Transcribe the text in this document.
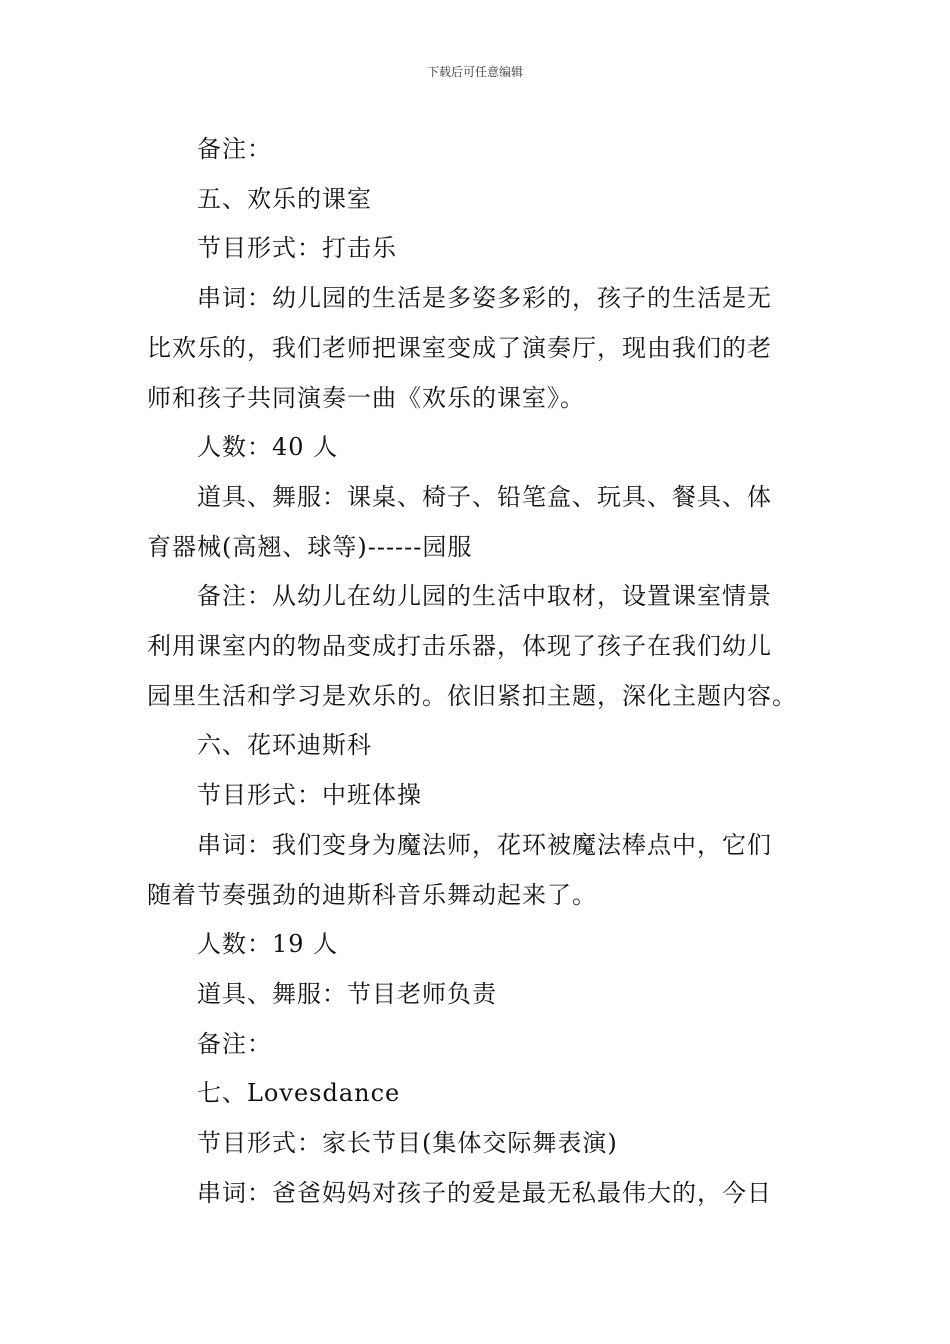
下载后可任意编辑

备注：

五、欢乐的课室

节目形式：打击乐

串词：幼儿园的生活是多姿多彩的，孩子的生活是无

比欢乐的，我们老师把课室变成了演奏厅，现由我们的老

师和孩子共同演奏一曲《欢乐的课室》。

人数：40 人

道具、舞服：课桌、椅子、铅笔盒、玩具、餐具、体

育器械(高翘、球等)------园服

备注：从幼儿在幼儿园的生活中取材，设置课室情景

利用课室内的物品变成打击乐器，体现了孩子在我们幼儿

园里生活和学习是欢乐的。依旧紧扣主题，深化主题内容。

六、花环迪斯科

节目形式：中班体操

串词：我们变身为魔法师，花环被魔法棒点中，它们

随着节奏强劲的迪斯科音乐舞动起来了。

人数：19 人

道具、舞服：节目老师负责

备注：

七、Lovesdance

节目形式：家长节目(集体交际舞表演)

串词：爸爸妈妈对孩子的爱是最无私最伟大的，今日
